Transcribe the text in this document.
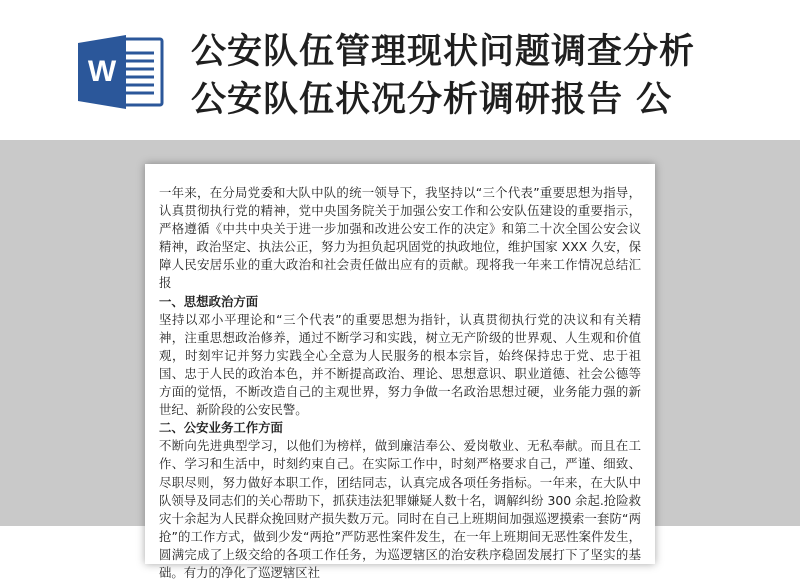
W 公安队伍管理现状问题调查分析
公安队伍状况分析调研报告 公

一年来，在分局党委和大队中队的统一领导下，我坚持以“三个代表”重要思想为指导，认真贯彻执行党的精神，党中央国务院关于加强公安工作和公安队伍建设的重要指示，严格遵循《中共中央关于进一步加强和改进公安工作的决定》和第二十次全国公安会议精神，政治坚定、执法公正，努力为担负起巩固党的执政地位，维护国家 XXX 久安，保障人民安居乐业的重大政治和社会责任做出应有的贡献。现将我一年来工作情况总结汇报

一、思想政治方面

坚持以邓小平理论和“三个代表”的重要思想为指针，认真贯彻执行党的决议和有关精神，注重思想政治修养，通过不断学习和实践，树立无产阶级的世界观、人生观和价值观，时刻牢记并努力实践全心全意为人民服务的根本宗旨，始终保持忠于党、忠于祖国、忠于人民的政治本色，并不断提高政治、理论、思想意识、职业道德、社会公德等方面的觉悟，不断改造自己的主观世界，努力争做一名政治思想过硬，业务能力强的新世纪、新阶段的公安民警。

二、公安业务工作方面

不断向先进典型学习，以他们为榜样，做到廉洁奉公、爱岗敬业、无私奉献。而且在工作、学习和生活中，时刻约束自己。在实际工作中，时刻严格要求自己，严谨、细致、尽职尽则，努力做好本职工作，团结同志，认真完成各项任务指标。一年来，在大队中队领导及同志们的关心帮助下，抓获违法犯罪嫌疑人数十名，调解纠纷 300 余起.抢险救灾十余起为人民群众挽回财产损失数万元。同时在自己上班期间加强巡逻摸索一套防“两抢”的工作方式，做到少发“两抢”严防恶性案件发生，在一年上班期间无恶性案件发生，圆满完成了上级交给的各项工作任务，为巡逻辖区的治安秩序稳固发展打下了坚实的基础。有力的净化了巡逻辖区社
